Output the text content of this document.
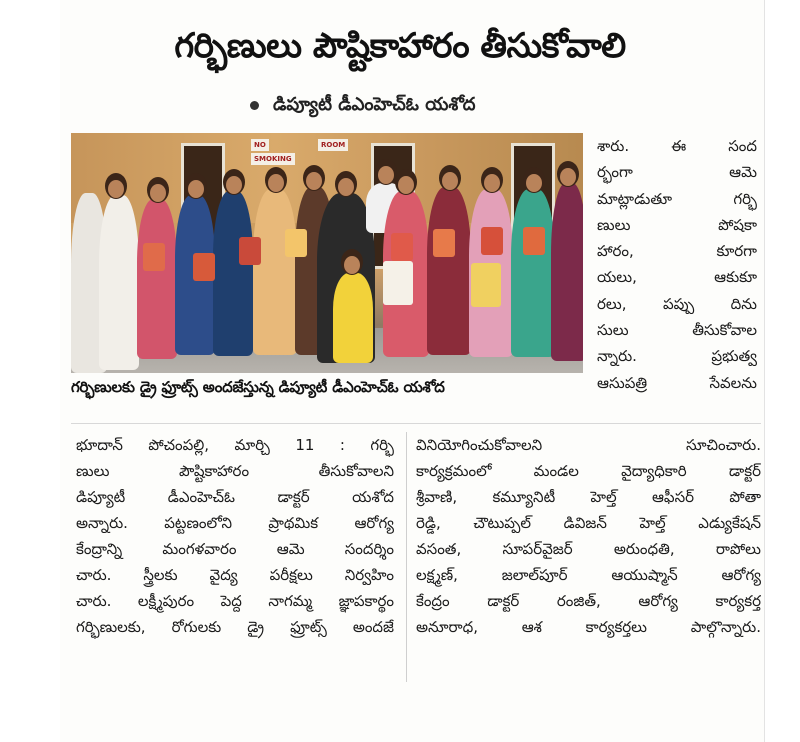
గర్భిణులు పౌష్టికాహారం తీసుకోవాలి
డిప్యూటీ డీఎంహెచ్ఓ యశోద
NO
SMOKING
ROOM
గర్భిణులకు డ్రై ఫ్రూట్స్ అందజేస్తున్న డిప్యూటీ డీఎంహెచ్ఓ యశోద
శారు. ఈ సంద
ర్భంగా ఆమె
మాట్లాడుతూ గర్భి
ణులు పోషకా
హారం, కూరగా
యలు, ఆకుకూ
రలు, పప్పు దిను
సులు తీసుకోవాల
న్నారు. ప్రభుత్వ
ఆసుపత్రి సేవలను
భూదాన్ పోచంపల్లి, మార్చి 11 : గర్భి
ణులు పౌష్టికాహారం తీసుకోవాలని
డిప్యూటీ డీఎంహెచ్ఓ డాక్టర్ యశోద
అన్నారు. పట్టణంలోని ప్రాథమిక ఆరోగ్య
కేంద్రాన్ని మంగళవారం ఆమె సందర్శిం
చారు. స్త్రీలకు వైద్య పరీక్షలు నిర్వహిం
చారు. లక్ష్మీపురం పెద్ద నాగమ్మ జ్ఞాపకార్థం
గర్భిణులకు, రోగులకు డ్రై ఫ్రూట్స్ అందజే
వినియోగించుకోవాలని సూచించారు.
కార్యక్రమంలో మండల వైద్యాధికారి డాక్టర్
శ్రీవాణి, కమ్యూనిటీ హెల్త్ ఆఫీసర్ పోతా
రెడ్డి, చౌటుప్పల్ డివిజన్ హెల్త్ ఎడ్యుకేషన్
వసంత, సూపర్‌వైజర్ అరుంధతి, రాపోలు
లక్ష్మణ్, జలాల్‌పూర్ ఆయుష్మాన్ ఆరోగ్య
కేంద్రం డాక్టర్ రంజిత్, ఆరోగ్య కార్యకర్త
అనూరాధ, ఆశ కార్యకర్తలు పాల్గొన్నారు.
